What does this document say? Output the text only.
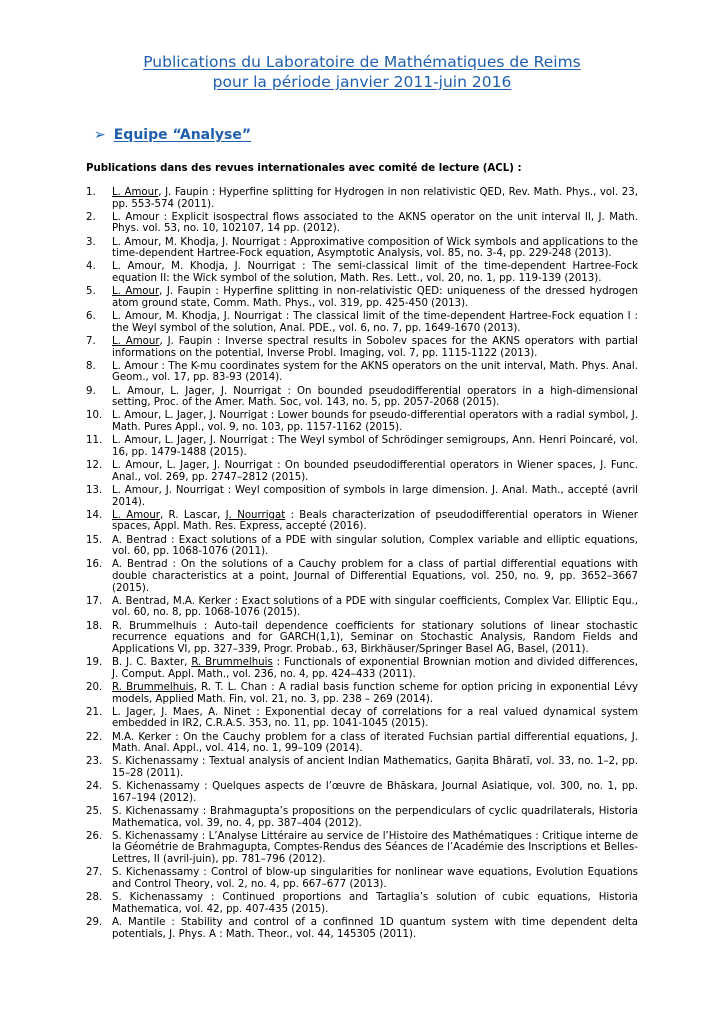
Publications du Laboratoire de Mathématiques de Reims
pour la période janvier 2011-juin 2016
➢ Equipe “Analyse”
Publications dans des revues internationales avec comité de lecture (ACL) :
1.	L. Amour, J. Faupin : Hyperfine splitting for Hydrogen in non relativistic QED, Rev. Math. Phys., vol. 23, pp. 553-574 (2011).
2.	L. Amour : Explicit isospectral flows associated to the AKNS operator on the unit interval II, J. Math. Phys. vol. 53, no. 10, 102107, 14 pp. (2012).
3.	L. Amour, M. Khodja, J. Nourrigat : Approximative composition of Wick symbols and applications to the time-dependent Hartree-Fock equation, Asymptotic Analysis, vol. 85, no. 3-4, pp. 229-248 (2013).
4.	L. Amour, M. Khodja, J. Nourrigat : The semi-classical limit of the time-dependent Hartree-Fock equation II: the Wick symbol of the solution, Math. Res. Lett., vol. 20, no. 1, pp. 119-139 (2013).
5.	L. Amour, J. Faupin : Hyperfine splitting in non-relativistic QED: uniqueness of the dressed hydrogen atom ground state, Comm. Math. Phys., vol. 319, pp. 425-450 (2013).
6.	L. Amour, M. Khodja, J. Nourrigat : The classical limit of the time-dependent Hartree-Fock equation I : the Weyl symbol of the solution, Anal. PDE., vol. 6, no. 7, pp. 1649-1670 (2013).
7.	L. Amour, J. Faupin : Inverse spectral results in Sobolev spaces for the AKNS operators with partial informations on the potential, Inverse Probl. Imaging, vol. 7, pp. 1115-1122 (2013).
8.	L. Amour : The K-mu coordinates system for the AKNS operators on the unit interval, Math. Phys. Anal. Geom., vol. 17, pp. 83-93 (2014).
9.	L. Amour, L. Jager, J. Nourrigat : On bounded pseudodifferential operators in a high-dimensional setting, Proc. of the Amer. Math. Soc, vol. 143, no. 5, pp. 2057-2068 (2015).
10. L. Amour, L. Jager, J. Nourrigat : Lower bounds for pseudo-differential operators with a radial symbol, J. Math. Pures Appl., vol. 9, no. 103, pp. 1157-1162 (2015).
11. L. Amour, L. Jager, J. Nourrigat : The Weyl symbol of Schrödinger semigroups, Ann. Henri Poincaré, vol. 16, pp. 1479-1488 (2015).
12. L. Amour, L. Jager, J. Nourrigat : On bounded pseudodifferential operators in Wiener spaces, J. Func. Anal., vol. 269, pp. 2747–2812 (2015).
13. L. Amour, J. Nourrigat : Weyl composition of symbols in large dimension. J. Anal. Math., accepté (avril 2014).
14. L. Amour, R. Lascar, J. Nourrigat : Beals characterization of pseudodifferential operators in Wiener spaces, Appl. Math. Res. Express, accepté (2016).
15. A. Bentrad : Exact solutions of a PDE with singular solution, Complex variable and elliptic equations, vol. 60, pp. 1068-1076 (2011).
16. A. Bentrad : On the solutions of a Cauchy problem for a class of partial differential equations with double characteristics at a point, Journal of Differential Equations, vol. 250, no. 9, pp. 3652–3667 (2015).
17. A. Bentrad, M.A. Kerker : Exact solutions of a PDE with singular coefficients, Complex Var. Elliptic Equ., vol. 60, no. 8, pp. 1068-1076 (2015).
18. R. Brummelhuis : Auto-tail dependence coefficients for stationary solutions of linear stochastic recurrence equations and for GARCH(1,1), Seminar on Stochastic Analysis, Random Fields and Applications VI, pp. 327–339, Progr. Probab., 63, Birkhäuser/Springer Basel AG, Basel, (2011).
19. B. J. C. Baxter, R. Brummelhuis : Functionals of exponential Brownian motion and divided differences, J. Comput. Appl. Math., vol. 236, no. 4, pp. 424–433 (2011).
20. R. Brummelhuis, R. T. L. Chan : A radial basis function scheme for option pricing in exponential Lévy models, Applied Math. Fin, vol. 21, no. 3, pp. 238 – 269 (2014).
21. L. Jager, J. Maes, A. Ninet : Exponential decay of correlations for a real valued dynamical system embedded in IR2, C.R.A.S. 353, no. 11, pp. 1041-1045 (2015).
22. M.A. Kerker : On the Cauchy problem for a class of iterated Fuchsian partial differential equations, J. Math. Anal. Appl., vol. 414, no. 1, 99–109 (2014).
23. S. Kichenassamy : Textual analysis of ancient Indian Mathematics, Gaṇita Bhāratī, vol. 33, no. 1–2, pp. 15–28 (2011).
24. S. Kichenassamy : Quelques aspects de l’œuvre de Bhāskara, Journal Asiatique, vol. 300, no. 1, pp. 167–194 (2012).
25. S. Kichenassamy : Brahmagupta’s propositions on the perpendiculars of cyclic quadrilaterals, Historia Mathematica, vol. 39, no. 4, pp. 387–404 (2012).
26. S. Kichenassamy : L’Analyse Littéraire au service de l’Histoire des Mathématiques : Critique interne de la Géométrie de Brahmagupta, Comptes-Rendus des Séances de l’Académie des Inscriptions et Belles-Lettres, II (avril-juin), pp. 781–796 (2012).
27. S. Kichenassamy : Control of blow-up singularities for nonlinear wave equations, Evolution Equations and Control Theory, vol. 2, no. 4, pp. 667–677 (2013).
28. S. Kichenassamy : Continued proportions and Tartaglia’s solution of cubic equations, Historia Mathematica, vol. 42, pp. 407-435 (2015).
29. A. Mantile : Stability and control of a confinned 1D quantum system with time dependent delta potentials, J. Phys. A : Math. Theor., vol. 44, 145305 (2011).
